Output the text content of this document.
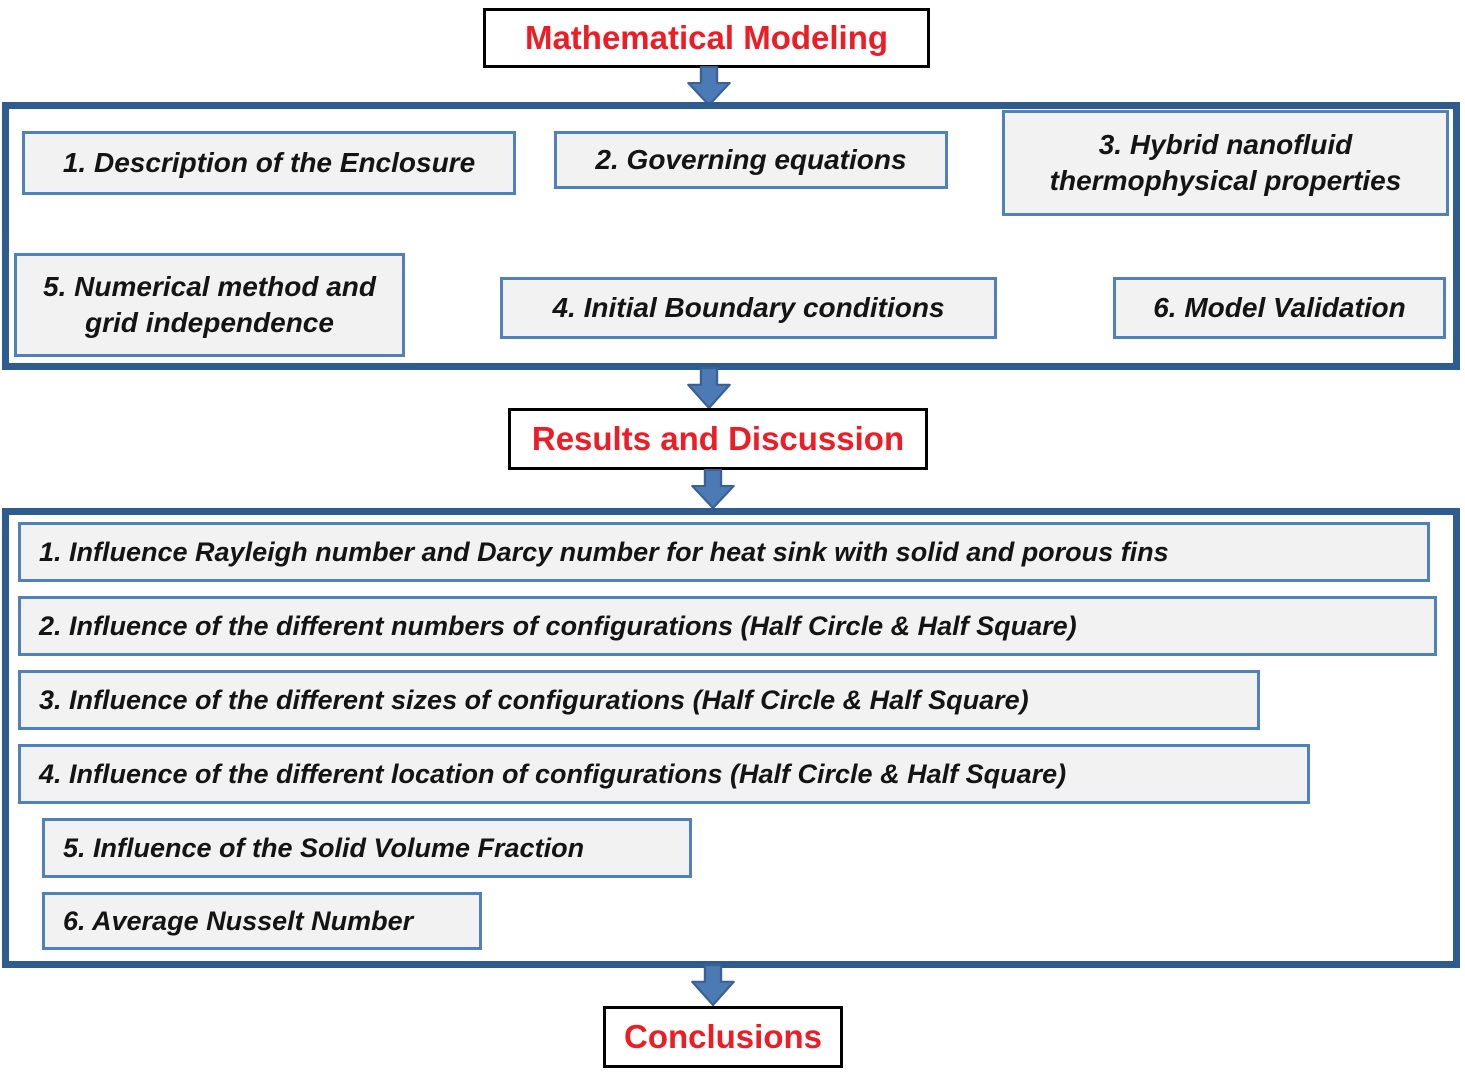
Mathematical Modeling
1. Description of the Enclosure	2. Governing equations	3. Hybrid nanofluid thermophysical properties
5. Numerical method and grid independence	4. Initial Boundary conditions	6. Model Validation
Results and Discussion
1. Influence Rayleigh number and Darcy number for heat sink with solid and porous fins
2. Influence of the different numbers of configurations (Half Circle & Half Square)
3. Influence of the different sizes of configurations (Half Circle & Half Square)
4. Influence of the different location of configurations (Half Circle & Half Square)
5. Influence of the Solid Volume Fraction
6. Average Nusselt Number
Conclusions
